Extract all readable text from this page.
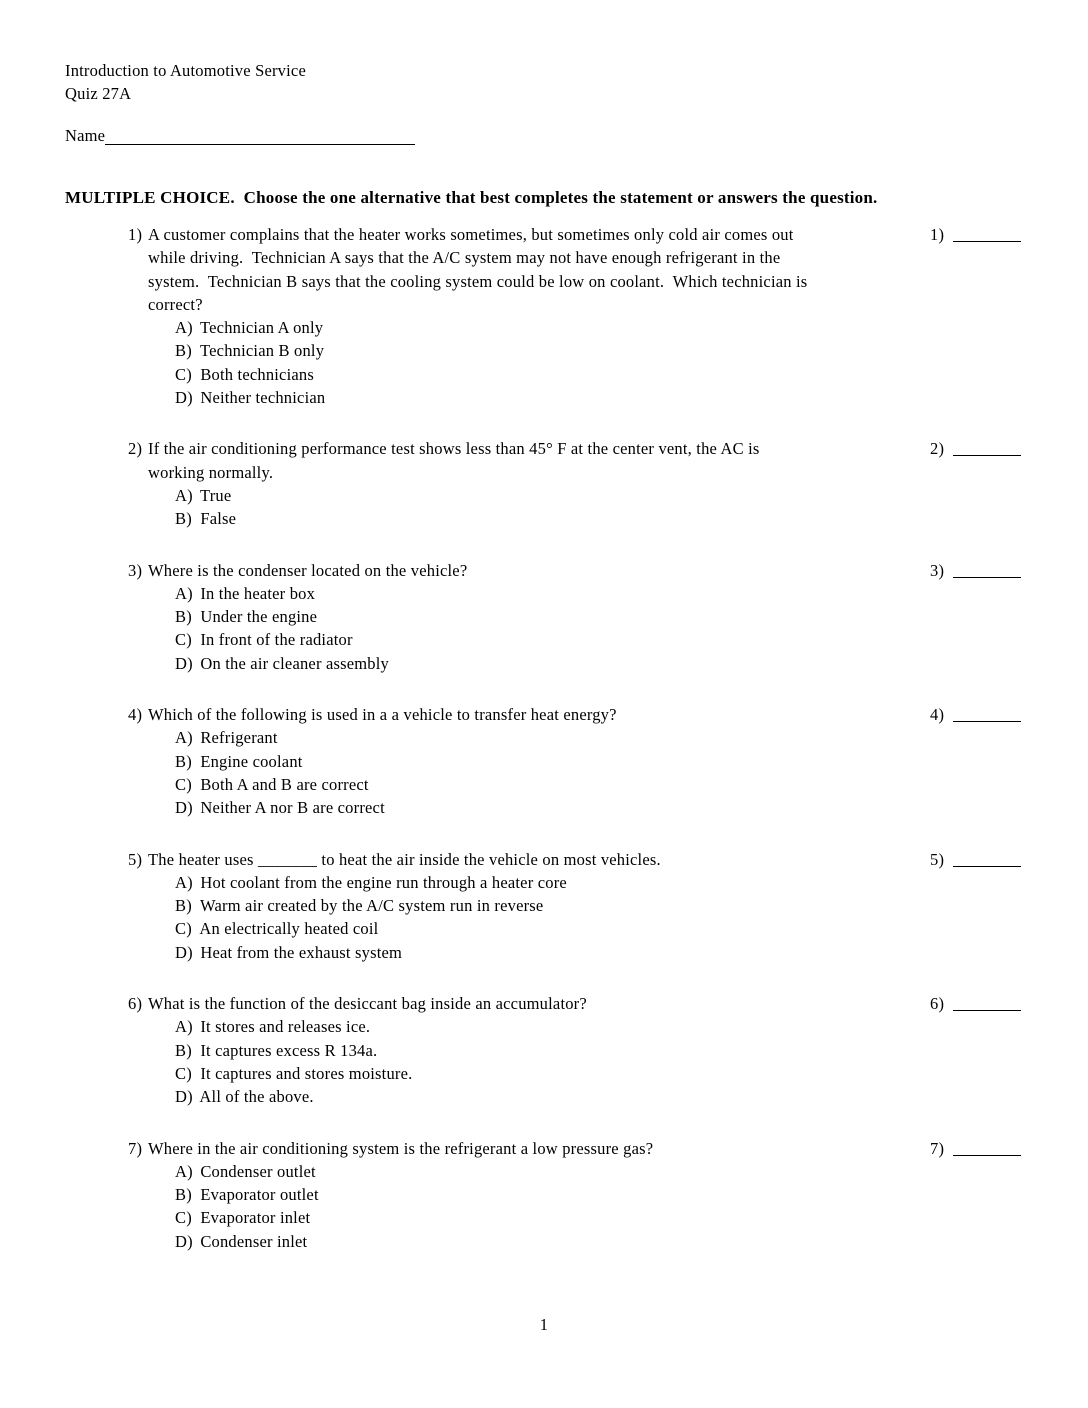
Introduction to Automotive Service
Quiz 27A
Name
MULTIPLE CHOICE.  Choose the one alternative that best completes the statement or answers the question.
1) A customer complains that the heater works sometimes, but sometimes only cold air comes out
while driving.  Technician A says that the A/C system may not have enough refrigerant in the
system.  Technician B says that the cooling system could be low on coolant.  Which technician is
correct?
A) Technician A only
B) Technician B only
C) Both technicians
D) Neither technician
1)
2) If the air conditioning performance test shows less than 45° F at the center vent, the AC is
working normally.
A) True
B) False
2)
3) Where is the condenser located on the vehicle?
A) In the heater box
B) Under the engine
C) In front of the radiator
D) On the air cleaner assembly
3)
4) Which of the following is used in a a vehicle to transfer heat energy?
A) Refrigerant
B) Engine coolant
C) Both A and B are correct
D) Neither A nor B are correct
4)
5) The heater uses _______ to heat the air inside the vehicle on most vehicles.
A) Hot coolant from the engine run through a heater core
B) Warm air created by the A/C system run in reverse
C) An electrically heated coil
D) Heat from the exhaust system
5)
6) What is the function of the desiccant bag inside an accumulator?
A) It stores and releases ice.
B) It captures excess R 134a.
C) It captures and stores moisture.
D) All of the above.
6)
7) Where in the air conditioning system is the refrigerant a low pressure gas?
A) Condenser outlet
B) Evaporator outlet
C) Evaporator inlet
D) Condenser inlet
7)
1
